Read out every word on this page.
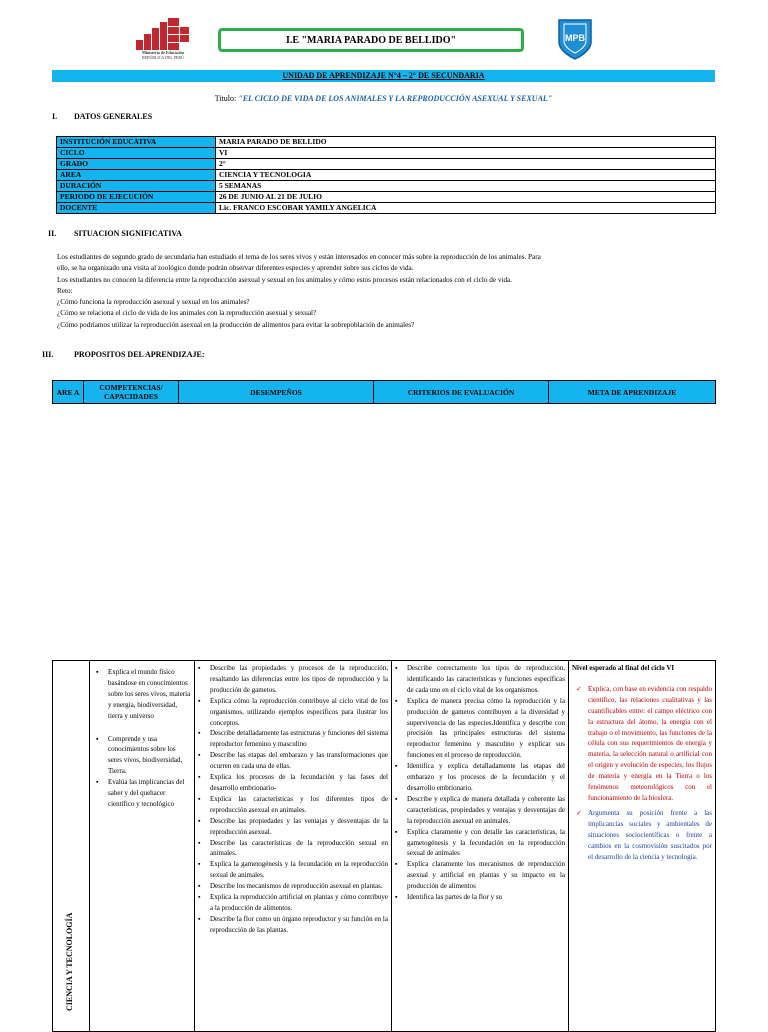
Ministerio de Educación
REPÚBLICA DEL PERÚ
I.E "MARIA PARADO DE BELLIDO"	MPB
UNIDAD DE APRENDIZAJE N°4 – 2° DE SECUNDARIA
Titulo: "EL CICLO DE VIDA DE LOS ANIMALES Y LA REPRODUCCIÓN ASEXUAL Y SEXUAL"
I. DATOS GENERALES
INSTITUCIÓN EDUCATIVA	MARIA PARADO DE BELLIDO
CICLO	VI
GRADO	2°
AREA	CIENCIA Y TECNOLOGIA
DURACIÓN	5 SEMANAS
PERIODO DE EJECUCIÓN	26 DE JUNIO AL 21 DE JULIO
DOCENTE	Lic. FRANCO ESCOBAR YAMILY ANGELICA
II. SITUACION SIGNIFICATIVA
Los estudiantes de segundo grado de secundaria han estudiado el tema de los seres vivos y están interesados en conocer más sobre la reproducción de los animales. Para
ello, se ha organizado una visita al zoológico donde podrán observar diferentes especies y aprender sobre sus ciclos de vida.
Los estudiantes no conocen la diferencia entre la reproducción asexual y sexual en los animales y cómo estos procesos están relacionados con el ciclo de vida.
Reto:
¿Cómo funciona la reproducción asexual y sexual en los animales?
¿Cómo se relaciona el ciclo de vida de los animales con la reproducción asexual y sexual?
¿Cómo podríamos utilizar la reproducción asexual en la producción de alimentos para evitar la sobrepoblación de animales?
III.	PROPOSITOS DEL APRENDIZAJE:
ARE A	COMPETENCIAS/ CAPACIDADES	DESEMPEÑOS	CRITERIOS DE EVALUACIÓN	META DE APRENDIZAJE
CIENCIA Y TECNOLOGÍA

▪ Explica el mundo físico basándose en conocimientos sobre los seres vivos, materia y energía, biodiversidad, tierra y universo
▪ Comprende y usa conocimientos sobre los seres vivos, biodiversidad, Tierra.
▪ Evalúa las implicancias del saber y del quehacer científico y tecnológico

▪ Describe las propiedades y procesos de la reproducción, resaltando las diferencias entre los tipos de reproducción y la producción de gametos.
▪ Explica cómo la reproducción contribuye al ciclo vital de los organismos, utilizando ejemplos específicos para ilustrar los conceptos.
▪ Describe detalladamente las estructuras y funciones del sistema reproductor femenino y masculino
▪ Describe las etapas del embarazo y las transformaciones que ocurren en cada una de ellas.
▪ Explica los procesos de la fecundación y las fases del desarrollo embrionario-
▪ Explica las características y los diferentes tipos de reproducción asexual en animales.
▪ Describe las propiedades y las ventajas y desventajas de la reproducción asexual.
▪ Describe las características de la reproducción sexual en animales.
▪ Explica la gametogénesis y la fecundación en la reproducción sexual de animales.
▪ Describe los mecanismos de reproducción asexual en plantas.
▪ Explica la reproducción artificial en plantas y cómo contribuye a la producción de alimentos.
▪ Describe la flor como un órgano reproductor y su función en la reproducción de las plantas.

▪ Describe correctamente los tipos de reproducción, identificando las características y funciones específicas de cada uno en el ciclo vital de los organismos.
▪ Explica de manera precisa cómo la reproducción y la producción de gametos contribuyen a la diversidad y supervivencia de las especies.Identifica y describe con precisión las principales estructuras del sistema reproductor femenino y masculino y explicar sus funciones en el proceso de reproducción.
▪ Identifica y explica detalladamente las etapas del embarazo y los procesos de la fecundación y el desarrollo embrionario.
▪ Describe y explica de manera detallada y coherente las características, propiedades y ventajas y desventajas de la reproducción asexual en animales.
▪ Explica claramente y con detalle las características, la gametogénesis y la fecundación en la reproducción sexual de animales
▪ Explica claramente los mecanismos de reproducción asexual y artificial en plantas y su impacto en la producción de alimentos
▪ Identifica las partes de la flor y su

Nivel esperado al final del ciclo VI
✓ Explica, con base en evidencia con respaldo científico, las relaciones cualitativas y las cuantificables entre: el campo eléctrico con la estructura del átomo, la energía con el trabajo o el movimiento, las funciones de la célula con sus requerimientos de energía y materia, la selección natural o artificial con el origen y evolución de especies, los flujos de materia y energía en la Tierra o los fenómenos meteorológicos con el funcionamiento de la biosfera.
✓ Argumenta su posición frente a las implicancias sociales y ambientales de situaciones sociocientíficas o frente a cambios en la cosmovisión suscitados por el desarrollo de la ciencia y tecnología.
